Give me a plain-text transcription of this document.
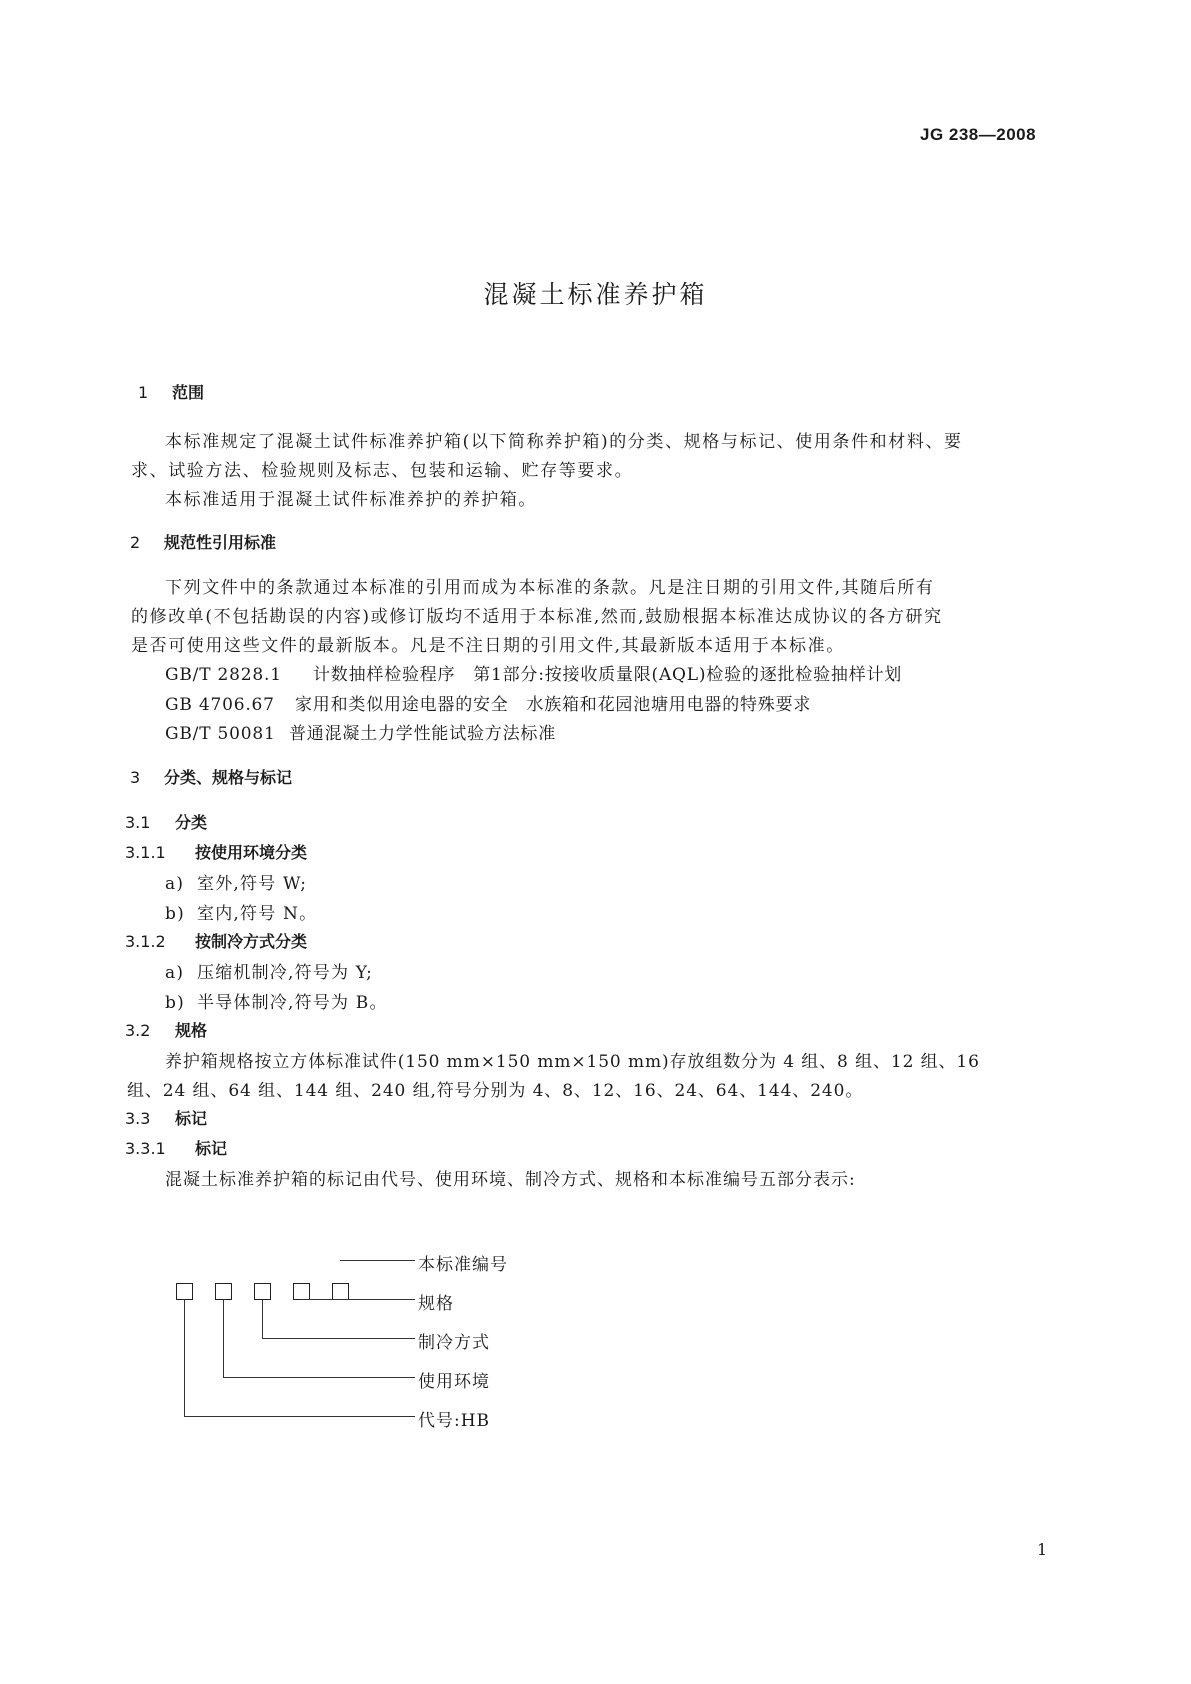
JG 238—2008
混凝土标准养护箱
1 范围
本标准规定了混凝土试件标准养护箱(以下简称养护箱)的分类、规格与标记、使用条件和材料、要
求、试验方法、检验规则及标志、包装和运输、贮存等要求。
本标准适用于混凝土试件标准养护的养护箱。
2 规范性引用标准
下列文件中的条款通过本标准的引用而成为本标准的条款。凡是注日期的引用文件,其随后所有
的修改单(不包括勘误的内容)或修订版均不适用于本标准,然而,鼓励根据本标准达成协议的各方研究
是否可使用这些文件的最新版本。凡是不注日期的引用文件,其最新版本适用于本标准。
GB/T 2828.1 计数抽样检验程序　第1部分:按接收质量限(AQL)检验的逐批检验抽样计划
GB 4706.67 家用和类似用途电器的安全　水族箱和花园池塘用电器的特殊要求
GB/T 50081 普通混凝土力学性能试验方法标准
3 分类、规格与标记
3.1 分类
3.1.1 按使用环境分类
a) 室外,符号 W;
b) 室内,符号 N。
3.1.2 按制冷方式分类
a) 压缩机制冷,符号为 Y;
b) 半导体制冷,符号为 B。
3.2 规格
养护箱规格按立方体标准试件(150 mm×150 mm×150 mm)存放组数分为 4 组、8 组、12 组、16
组、24 组、64 组、144 组、240 组,符号分别为 4、8、12、16、24、64、144、240。
3.3 标记
3.3.1 标记
混凝土标准养护箱的标记由代号、使用环境、制冷方式、规格和本标准编号五部分表示:
本标准编号
规格
制冷方式
使用环境
代号:HB
1
